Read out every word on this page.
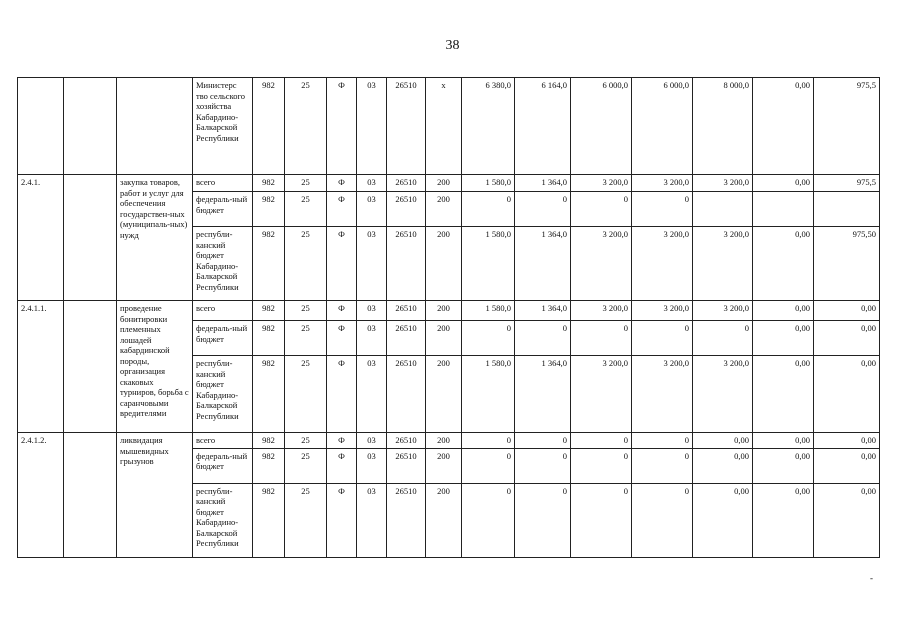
38
			Министерс тво сельского хозяйства Кабардино-Балкарской Республики	982	25	Ф	03	26510	х	6 380,0	6 164,0	6 000,0	6 000,0	8 000,0	0,00	975,5
2.4.1.		закупка товаров, работ и услуг для обеспечения государствен-ных (муниципаль-ных) нужд	всего	982	25	Ф	03	26510	200	1 580,0	1 364,0	3 200,0	3 200,0	3 200,0	0,00	975,5
			федераль-ный бюджет	982	25	Ф	03	26510	200	0	0	0	0			
			республи-канский бюджет Кабардино-Балкарской Республики	982	25	Ф	03	26510	200	1 580,0	1 364,0	3 200,0	3 200,0	3 200,0	0,00	975,50
2.4.1.1.		проведение бонитировки племенных лошадей кабардинской породы, организация скаковых турниров, борьба с саранчовыми вредителями	всего	982	25	Ф	03	26510	200	1 580,0	1 364,0	3 200,0	3 200,0	3 200,0	0,00	0,00
			федераль-ный бюджет	982	25	Ф	03	26510	200	0	0	0	0	0	0,00	0,00
			республи-канский бюджет Кабардино-Балкарской Республики	982	25	Ф	03	26510	200	1 580,0	1 364,0	3 200,0	3 200,0	3 200,0	0,00	0,00
2.4.1.2.		ликвидация мышевидных грызунов	всего	982	25	Ф	03	26510	200	0	0	0	0	0,00	0,00	0,00
			федераль-ный бюджет	982	25	Ф	03	26510	200	0	0	0	0	0,00	0,00	0,00
			республи-канский бюджет Кабардино-Балкарской Республики	982	25	Ф	03	26510	200	0	0	0	0	0,00	0,00	0,00
-
